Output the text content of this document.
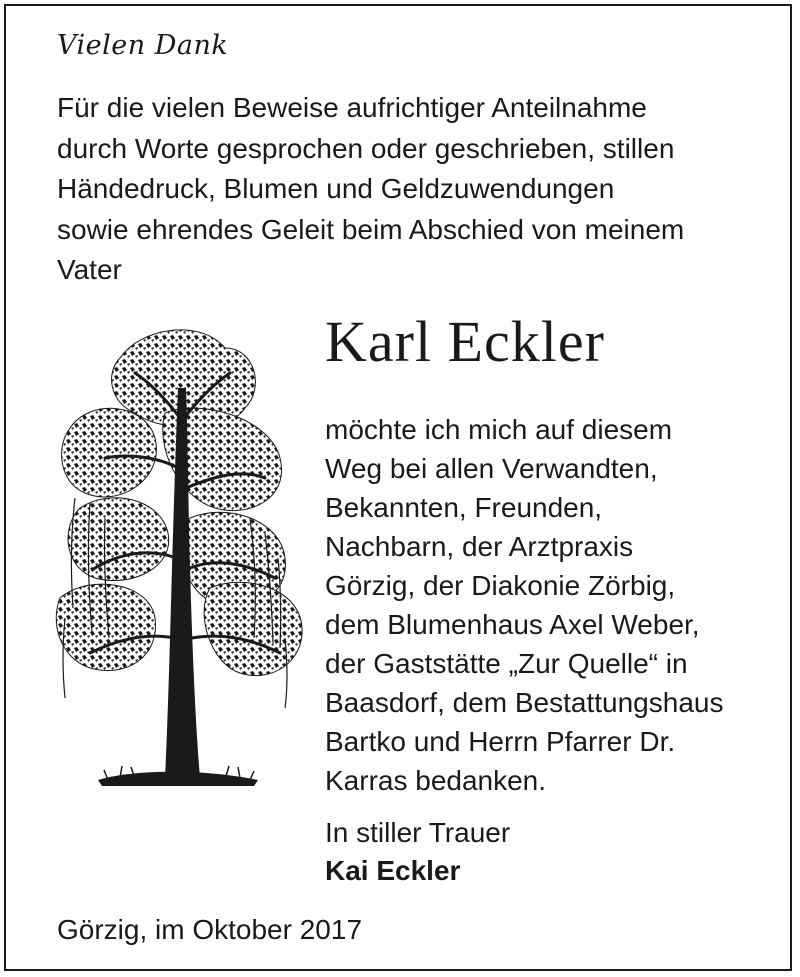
Vielen Dank
Für die vielen Beweise aufrichtiger Anteilnahme
durch Worte gesprochen oder geschrieben, stillen
Händedruck, Blumen und Geldzuwendungen
sowie ehrendes Geleit beim Abschied von meinem
Vater
Karl Eckler
möchte ich mich auf diesem
Weg bei allen Verwandten,
Bekannten, Freunden,
Nachbarn, der Arztpraxis
Görzig, der Diakonie Zörbig,
dem Blumenhaus Axel Weber,
der Gaststätte „Zur Quelle“ in
Baasdorf, dem Bestattungshaus
Bartko und Herrn Pfarrer Dr.
Karras bedanken.
In stiller Trauer
Kai Eckler
Görzig, im Oktober 2017
